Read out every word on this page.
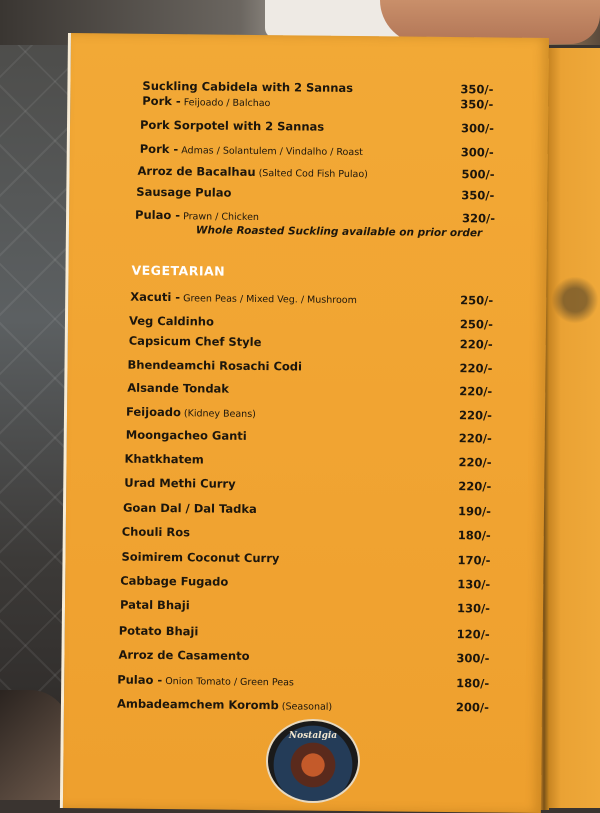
Suckling Cabidela with 2 Sannas	350/-
Pork - Feijoado / Balchao	350/-
Pork Sorpotel with 2 Sannas	300/-
Pork - Admas / Solantulem / Vindalho / Roast	300/-
Arroz de Bacalhau (Salted Cod Fish Pulao)	500/-
Sausage Pulao	350/-
Pulao - Prawn / Chicken	320/-
Whole Roasted Suckling available on prior order
VEGETARIAN
Xacuti - Green Peas / Mixed Veg. / Mushroom	250/-
Veg Caldinho	250/-
Capsicum Chef Style	220/-
Bhendeamchi Rosachi Codi	220/-
Alsande Tondak	220/-
Feijoado (Kidney Beans)	220/-
Moongacheo Ganti	220/-
Khatkhatem	220/-
Urad Methi Curry	220/-
Goan Dal / Dal Tadka	190/-
Chouli Ros	180/-
Soimirem Coconut Curry	170/-
Cabbage Fugado	130/-
Patal Bhaji	130/-
Potato Bhaji	120/-
Arroz de Casamento	300/-
Pulao - Onion Tomato / Green Peas	180/-
Ambadeamchem Koromb (Seasonal)	200/-
Nostalgia
